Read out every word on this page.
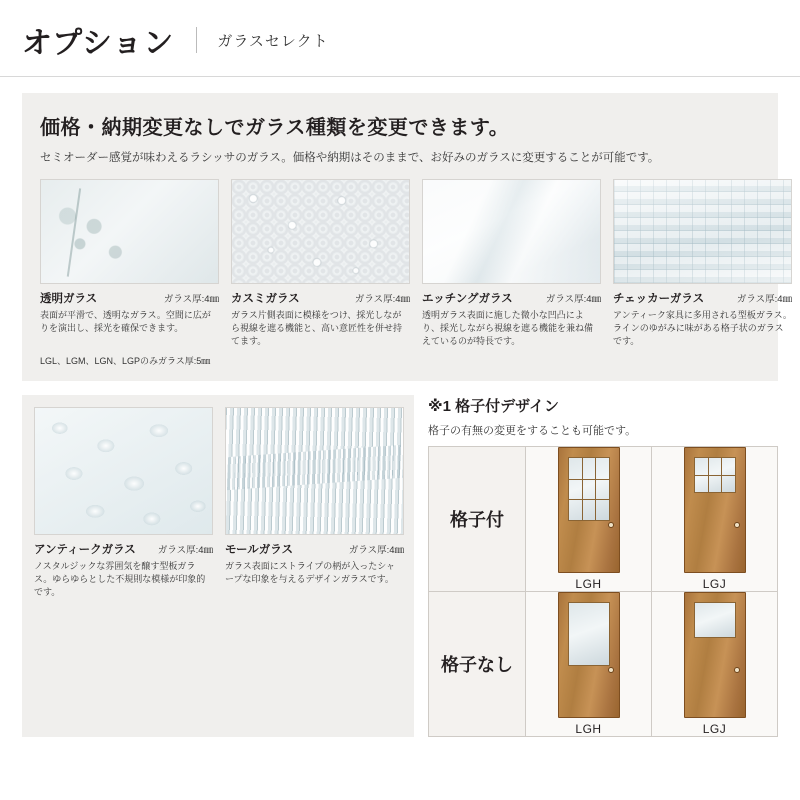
オプション	ガラスセレクト
価格・納期変更なしでガラス種類を変更できます。

セミオーダー感覚が味わえるラシッサのガラス。価格や納期はそのままで、お好みのガラスに変更することが可能です。

透明ガラス	ガラス厚:4㎜
表面が平滑で、透明なガラス。空間に広がりを演出し、採光を確保できます。
カスミガラス	ガラス厚:4㎜
ガラス片側表面に模様をつけ、採光しながら視線を遮る機能と、高い意匠性を併せ持てます。
エッチングガラス	ガラス厚:4㎜
透明ガラス表面に施した微小な凹凸により、採光しながら視線を遮る機能を兼ね備えているのが特長です。
チェッカーガラス	ガラス厚:4㎜
アンティーク家具に多用される型板ガラス。ラインのゆがみに味がある格子状のガラスです。
LGL、LGM、LGN、LGPのみガラス厚:5㎜
アンティークガラス ガラス厚:4㎜
ノスタルジックな雰囲気を醸す型板ガラス。ゆらゆらとした不規則な模様が印象的です。
モールガラス	ガラス厚:4㎜
ガラス表面にストライプの柄が入ったシャープな印象を与えるデザインガラスです。
※1 格子付デザイン
格子の有無の変更をすることも可能です。
格子付	LGH	LGJ

格子なし	LGH	LGJ
